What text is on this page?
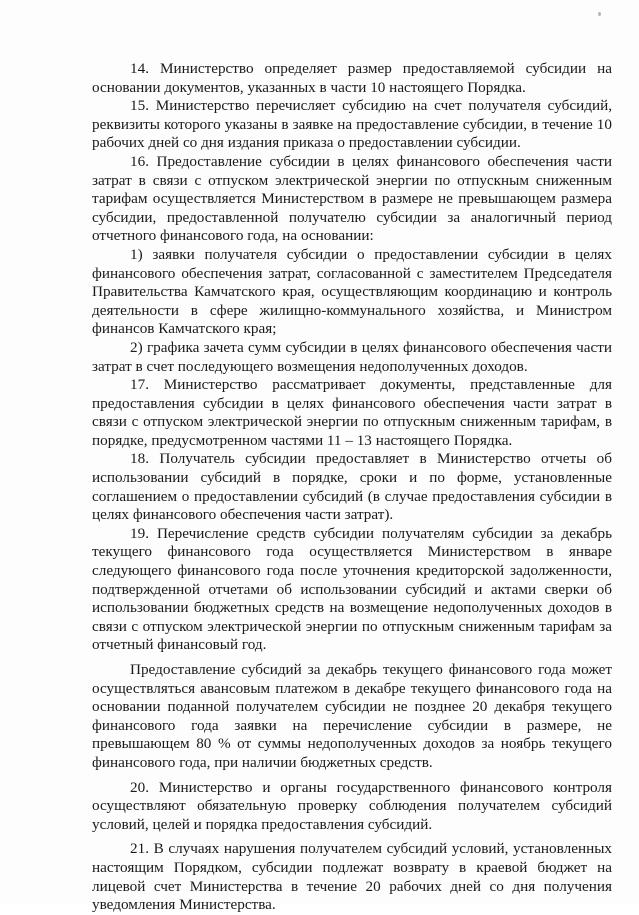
14. Министерство определяет размер предоставляемой субсидии на основании документов, указанных в части 10 настоящего Порядка.

15. Министерство перечисляет субсидию на счет получателя субсидий, реквизиты которого указаны в заявке на предоставление субсидии, в течение 10 рабочих дней со дня издания приказа о предоставлении субсидии.

16. Предоставление субсидии в целях финансового обеспечения части затрат в связи с отпуском электрической энергии по отпускным сниженным тарифам осуществляется Министерством в размере не превышающем размера субсидии, предоставленной получателю субсидии за аналогичный период отчетного финансового года, на основании:

1) заявки получателя субсидии о предоставлении субсидии в целях финансового обеспечения затрат, согласованной с заместителем Председателя Правительства Камчатского края, осуществляющим координацию и контроль деятельности в сфере жилищно-коммунального хозяйства, и Министром финансов Камчатского края;

2) графика зачета сумм субсидии в целях финансового обеспечения части затрат в счет последующего возмещения недополученных доходов.

17. Министерство рассматривает документы, представленные для предоставления субсидии в целях финансового обеспечения части затрат в связи с отпуском электрической энергии по отпускным сниженным тарифам, в порядке, предусмотренном частями 11 – 13 настоящего Порядка.

18. Получатель субсидии предоставляет в Министерство отчеты об использовании субсидий в порядке, сроки и по форме, установленные соглашением о предоставлении субсидий (в случае предоставления субсидии в целях финансового обеспечения части затрат).

19. Перечисление средств субсидии получателям субсидии за декабрь текущего финансового года осуществляется Министерством в январе следующего финансового года после уточнения кредиторской задолженности, подтвержденной отчетами об использовании субсидий и актами сверки об использовании бюджетных средств на возмещение недополученных доходов в связи с отпуском электрической энергии по отпускным сниженным тарифам за отчетный финансовый год.

Предоставление субсидий за декабрь текущего финансового года может осуществляться авансовым платежом в декабре текущего финансового года на основании поданной получателем субсидии не позднее 20 декабря текущего финансового года заявки на перечисление субсидии в размере, не превышающем 80 % от суммы недополученных доходов за ноябрь текущего финансового года, при наличии бюджетных средств.

20. Министерство и органы государственного финансового контроля осуществляют обязательную проверку соблюдения получателем субсидий условий, целей и порядка предоставления субсидий.

21. В случаях нарушения получателем субсидий условий, установленных настоящим Порядком, субсидии подлежат возврату в краевой бюджет на лицевой счет Министерства в течение 20 рабочих дней со дня получения уведомления Министерства.
